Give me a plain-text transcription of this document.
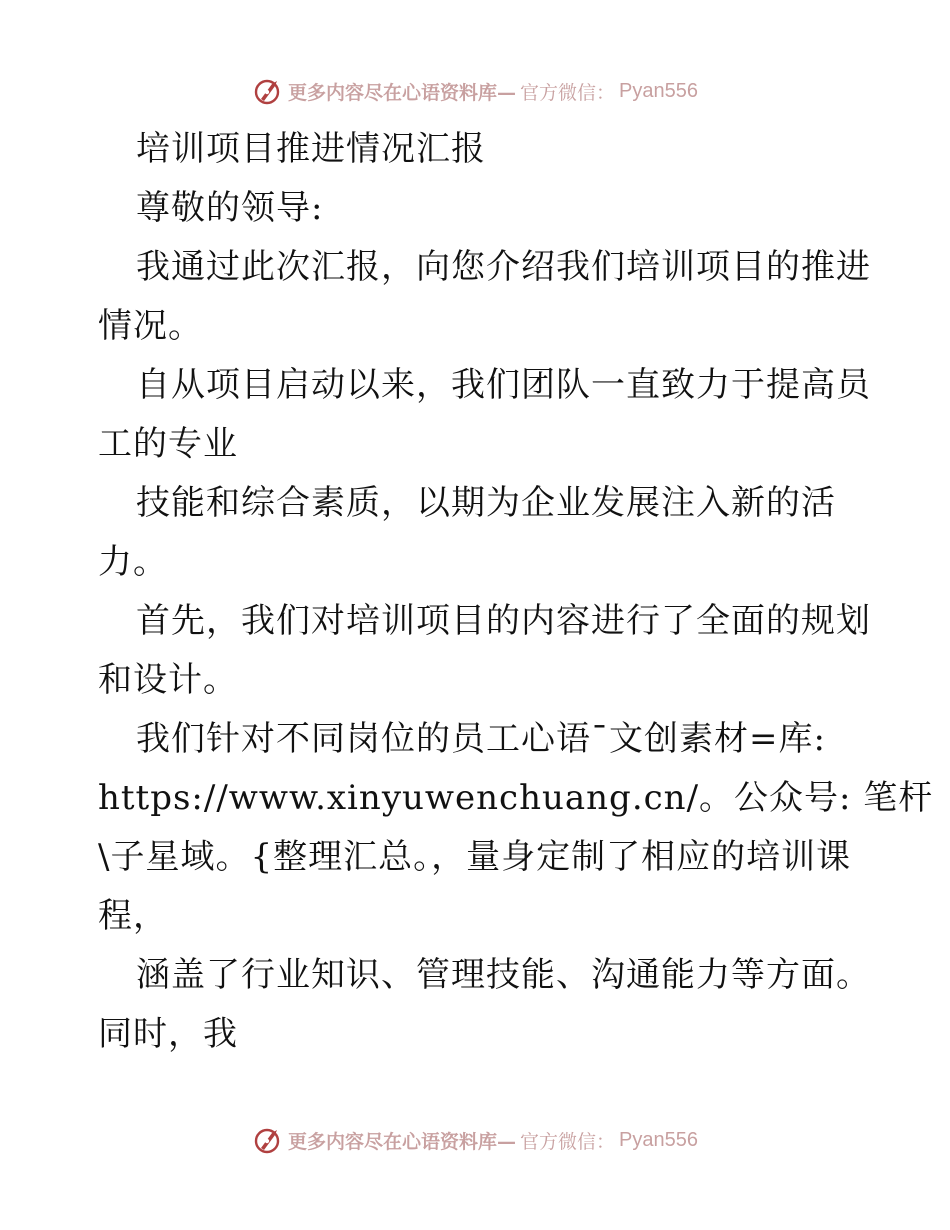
更多内容尽在心语资料库— 官方微信： Pyan556
培训项目推进情况汇报
尊敬的领导:
我通过此次汇报，向您介绍我们培训项目的推进
情况。
自从项目启动以来，我们团队一直致力于提高员
工的专业
技能和综合素质，以期为企业发展注入新的活
力。
首先，我们对培训项目的内容进行了全面的规划
和设计。
我们针对不同岗位的员工心语¯文创素材=库:
https://www.xinyuwenchuang.cn/。公众号: 笔杆
\子星域。{整理汇总。，量身定制了相应的培训课
程，
涵盖了行业知识、管理技能、沟通能力等方面。
同时，我
更多内容尽在心语资料库— 官方微信： Pyan556
